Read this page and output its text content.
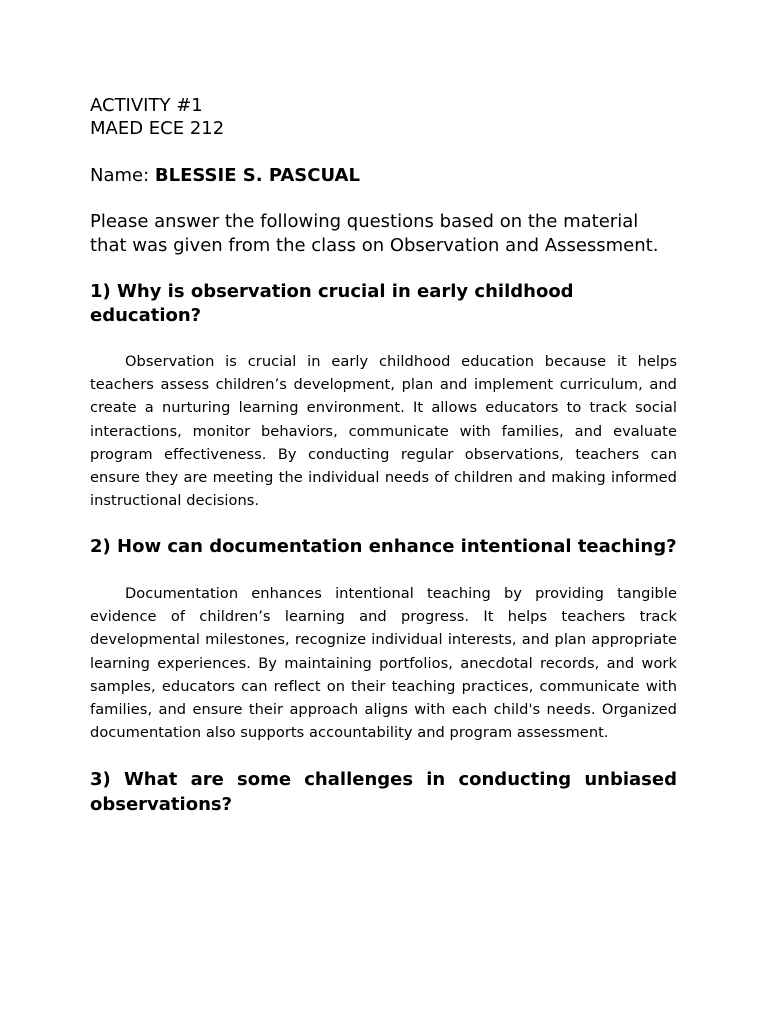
ACTIVITY #1

MAED ECE 212

Name: BLESSIE S. PASCUAL

Please answer the following questions based on the material that was given from the class on Observation and Assessment.

1) Why is observation crucial in early childhood education?

Observation is crucial in early childhood education because it helps teachers assess children’s development, plan and implement curriculum, and create a nurturing learning environment. It allows educators to track social interactions, monitor behaviors, communicate with families, and evaluate program effectiveness. By conducting regular observations, teachers can ensure they are meeting the individual needs of children and making informed instructional decisions.

2) How can documentation enhance intentional teaching?

Documentation enhances intentional teaching by providing tangible evidence of children’s learning and progress. It helps teachers track developmental milestones, recognize individual interests, and plan appropriate learning experiences. By maintaining portfolios, anecdotal records, and work samples, educators can reflect on their teaching practices, communicate with families, and ensure their approach aligns with each child's needs. Organized documentation also supports accountability and program assessment.

3) What are some challenges in conducting unbiased observations?
